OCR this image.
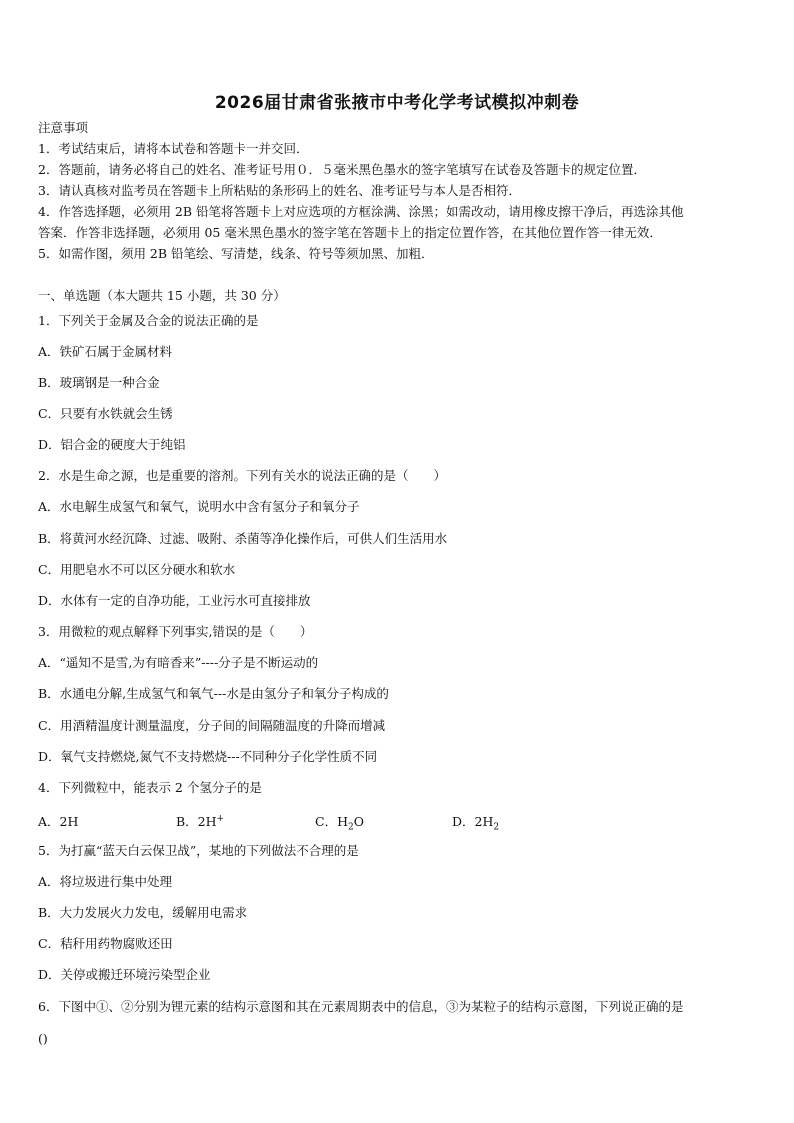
2026届甘肃省张掖市中考化学考试模拟冲刺卷
注意事项
1．考试结束后，请将本试卷和答题卡一并交回．
2．答题前，请务必将自己的姓名、准考证号用０．５毫米黑色墨水的签字笔填写在试卷及答题卡的规定位置．
3．请认真核对监考员在答题卡上所粘贴的条形码上的姓名、准考证号与本人是否相符．
4．作答选择题，必须用 2B 铅笔将答题卡上对应选项的方框涂满、涂黑；如需改动，请用橡皮擦干净后，再选涂其他
答案．作答非选择题，必须用 05 毫米黑色墨水的签字笔在答题卡上的指定位置作答，在其他位置作答一律无效．
5．如需作图，须用 2B 铅笔绘、写清楚，线条、符号等须加黑、加粗．
一、单选题（本大题共 15 小题，共 30 分）
1．下列关于金属及合金的说法正确的是
A．铁矿石属于金属材料
B．玻璃钢是一种合金
C．只要有水铁就会生锈
D．铝合金的硬度大于纯铝
2．水是生命之源，也是重要的溶剂。下列有关水的说法正确的是（　　）
A．水电解生成氢气和氧气，说明水中含有氢分子和氧分子
B．将黄河水经沉降、过滤、吸附、杀菌等净化操作后，可供人们生活用水
C．用肥皂水不可以区分硬水和软水
D．水体有一定的自净功能，工业污水可直接排放
3．用微粒的观点解释下列事实,错误的是（　　）
A．“遥知不是雪,为有暗香来”----分子是不断运动的
B．水通电分解,生成氢气和氧气---水是由氢分子和氧分子构成的
C．用酒精温度计测量温度，分子间的间隔随温度的升降而增减
D．氧气支持燃烧,氮气不支持燃烧---不同种分子化学性质不同
4．下列微粒中，能表示 2 个氢分子的是
A．2H	B．2H+	C．$H_2O$	D．$2H_2$
5．为打赢“蓝天白云保卫战”，某地的下列做法不合理的是
A．将垃圾进行集中处理
B．大力发展火力发电，缓解用电需求
C．秸秆用药物腐败还田
D．关停或搬迁环境污染型企业
6．下图中①、②分别为锂元素的结构示意图和其在元素周期表中的信息，③为某粒子的结构示意图，下列说正确的是
()
